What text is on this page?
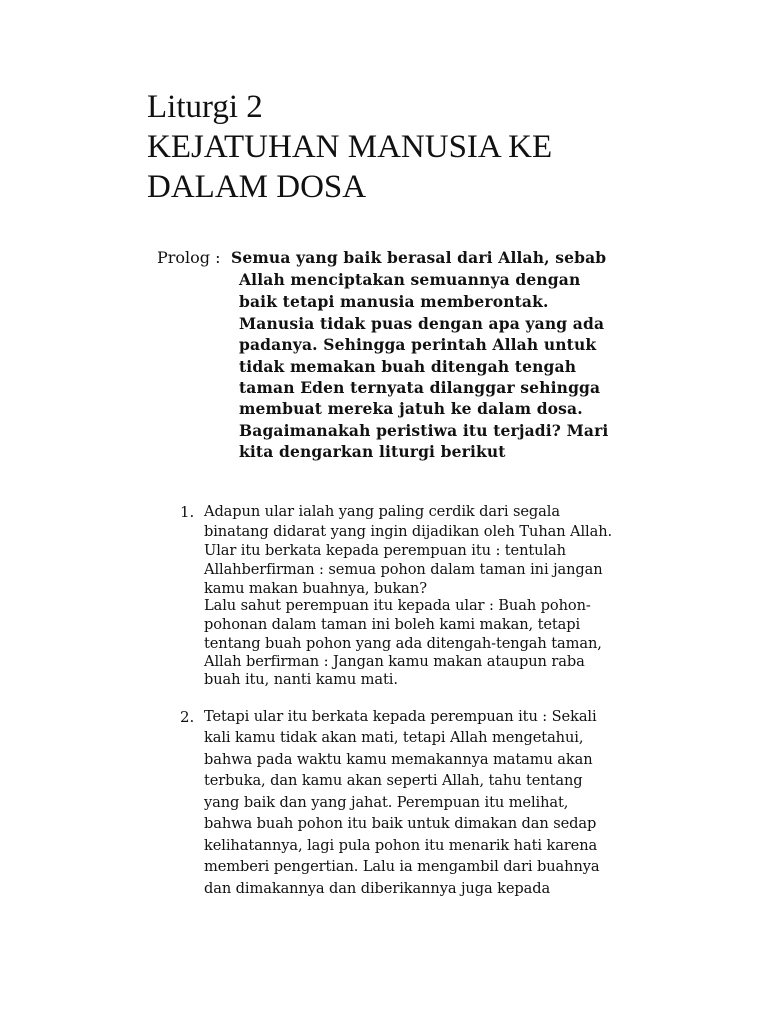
Liturgi 2
KEJATUHAN MANUSIA KE
DALAM DOSA
Prolog : Semua yang baik berasal dari Allah, sebab
Allah menciptakan semuannya dengan
baik tetapi manusia memberontak.
Manusia tidak puas dengan apa yang ada
padanya. Sehingga perintah Allah untuk
tidak memakan buah ditengah tengah
taman Eden ternyata dilanggar sehingga
membuat mereka jatuh ke dalam dosa.
Bagaimanakah peristiwa itu terjadi? Mari
kita dengarkan liturgi berikut
1. Adapun ular ialah yang paling cerdik dari segala
binatang didarat yang ingin dijadikan oleh Tuhan Allah.
Ular itu berkata kepada perempuan itu : tentulah
Allahberfirman : semua pohon dalam taman ini jangan
kamu makan buahnya, bukan?
Lalu sahut perempuan itu kepada ular : Buah pohon-
pohonan dalam taman ini boleh kami makan, tetapi
tentang buah pohon yang ada ditengah-tengah taman,
Allah berfirman : Jangan kamu makan ataupun raba
buah itu, nanti kamu mati.
2. Tetapi ular itu berkata kepada perempuan itu : Sekali
kali kamu tidak akan mati, tetapi Allah mengetahui,
bahwa pada waktu kamu memakannya matamu akan
terbuka, dan kamu akan seperti Allah, tahu tentang
yang baik dan yang jahat. Perempuan itu melihat,
bahwa buah pohon itu baik untuk dimakan dan sedap
kelihatannya, lagi pula pohon itu menarik hati karena
memberi pengertian. Lalu ia mengambil dari buahnya
dan dimakannya dan diberikannya juga kepada
